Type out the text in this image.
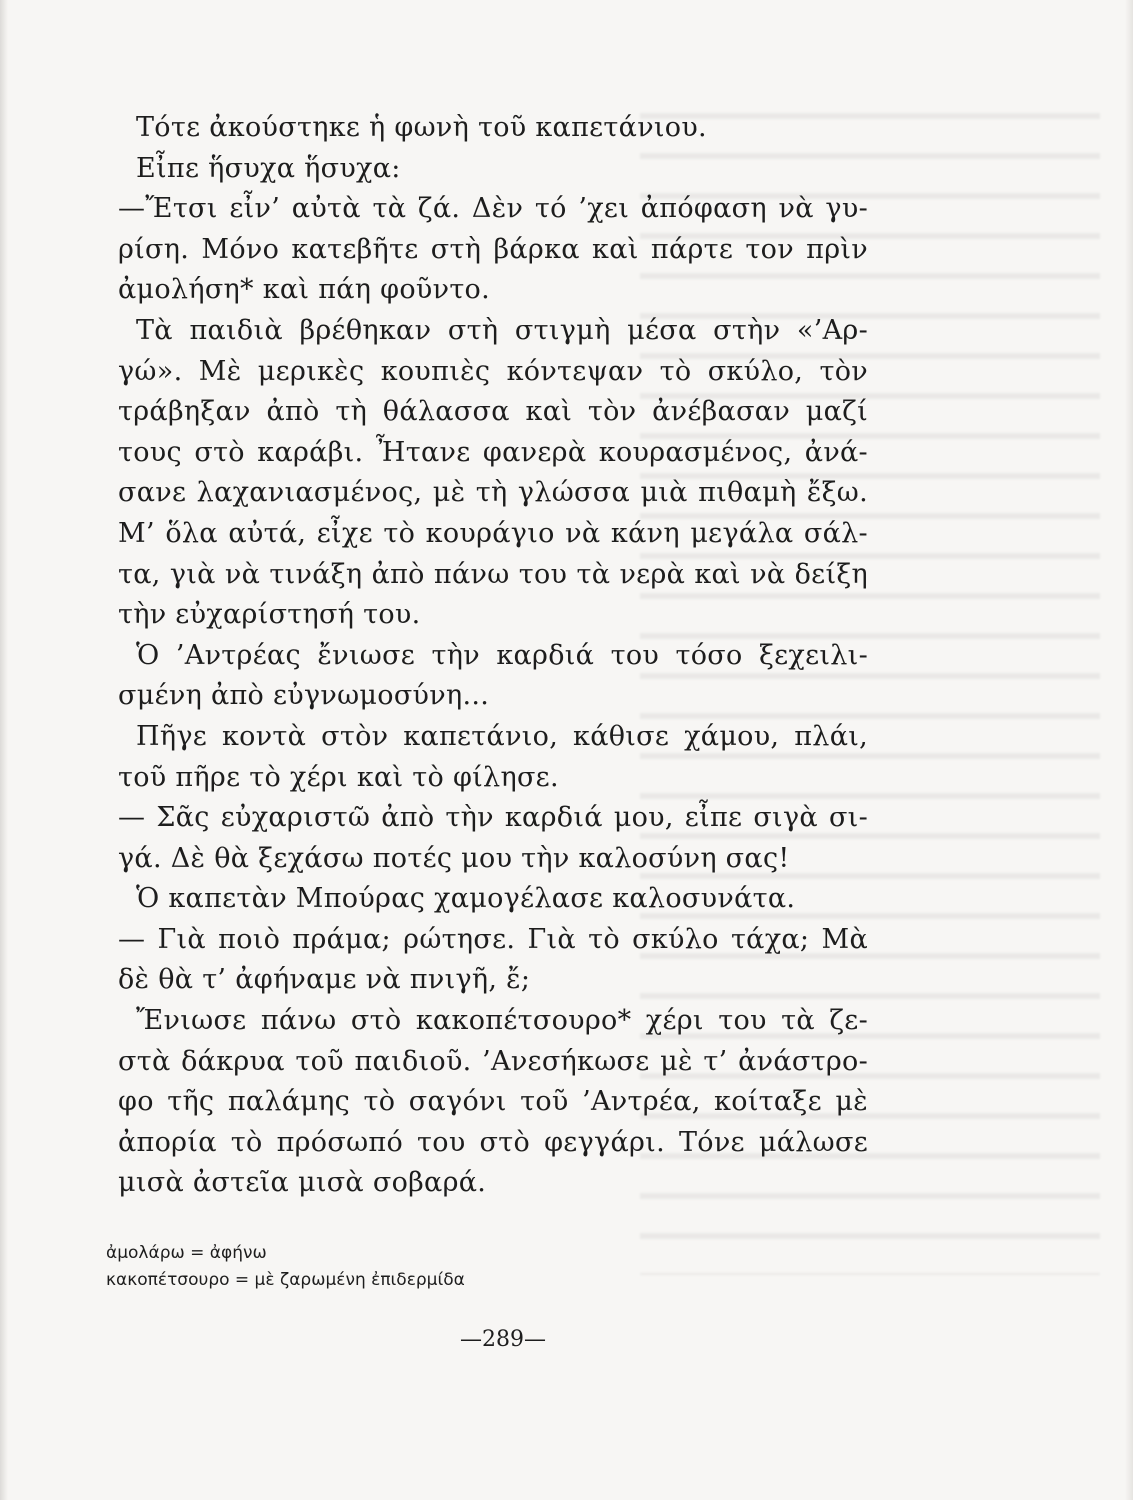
Τότε ἀκούστηκε ἡ φωνὴ τοῦ καπετάνιου.
Εἶπε ἥσυχα ἥσυχα:
—Ἔτσι εἶν’ αὐτὰ τὰ ζά. Δὲν τό ’χει ἀπόφαση νὰ γυ-
ρίση. Μόνο κατεβῆτε στὴ βάρκα καὶ πάρτε τον πρὶν
ἀμολήση* καὶ πάη φοῦντο.
Τὰ παιδιὰ βρέθηκαν στὴ στιγμὴ μέσα στὴν «’Αρ-
γώ». Μὲ μερικὲς κουπιὲς κόντεψαν τὸ σκύλο, τὸν
τράβηξαν ἀπὸ τὴ θάλασσα καὶ τὸν ἀνέβασαν μαζί
τους στὸ καράβι. Ἦτανε φανερὰ κουρασμένος, ἀνά-
σανε λαχανιασμένος, μὲ τὴ γλώσσα μιὰ πιθαμὴ ἔξω.
Μ’ ὅλα αὐτά, εἶχε τὸ κουράγιο νὰ κάνη μεγάλα σάλ-
τα, γιὰ νὰ τινάξη ἀπὸ πάνω του τὰ νερὰ καὶ νὰ δείξη
τὴν εὐχαρίστησή του.
Ὁ ’Αντρέας ἔνιωσε τὴν καρδιά του τόσο ξεχειλι-
σμένη ἀπὸ εὐγνωμοσύνη...
Πῆγε κοντὰ στὸν καπετάνιο, κάθισε χάμου, πλάι,
τοῦ πῆρε τὸ χέρι καὶ τὸ φίλησε.
— Σᾶς εὐχαριστῶ ἀπὸ τὴν καρδιά μου, εἶπε σιγὰ σι-
γά. Δὲ θὰ ξεχάσω ποτές μου τὴν καλοσύνη σας!
Ὁ καπετὰν Μπούρας χαμογέλασε καλοσυνάτα.
— Γιὰ ποιὸ πράμα; ρώτησε. Γιὰ τὸ σκύλο τάχα; Μὰ
δὲ θὰ τ’ ἀφήναμε νὰ πνιγῆ, ἔ;
Ἔνιωσε πάνω στὸ κακοπέτσουρο* χέρι του τὰ ζε-
στὰ δάκρυα τοῦ παιδιοῦ. ’Ανεσήκωσε μὲ τ’ ἀνάστρο-
φο τῆς παλάμης τὸ σαγόνι τοῦ ’Αντρέα, κοίταξε μὲ
ἀπορία τὸ πρόσωπό του στὸ φεγγάρι. Τόνε μάλωσε
μισὰ ἀστεῖα μισὰ σοβαρά.
ἀμολάρω = ἀφήνω
κακοπέτσουρο = μὲ ζαρωμένη ἐπιδερμίδα
—289—
